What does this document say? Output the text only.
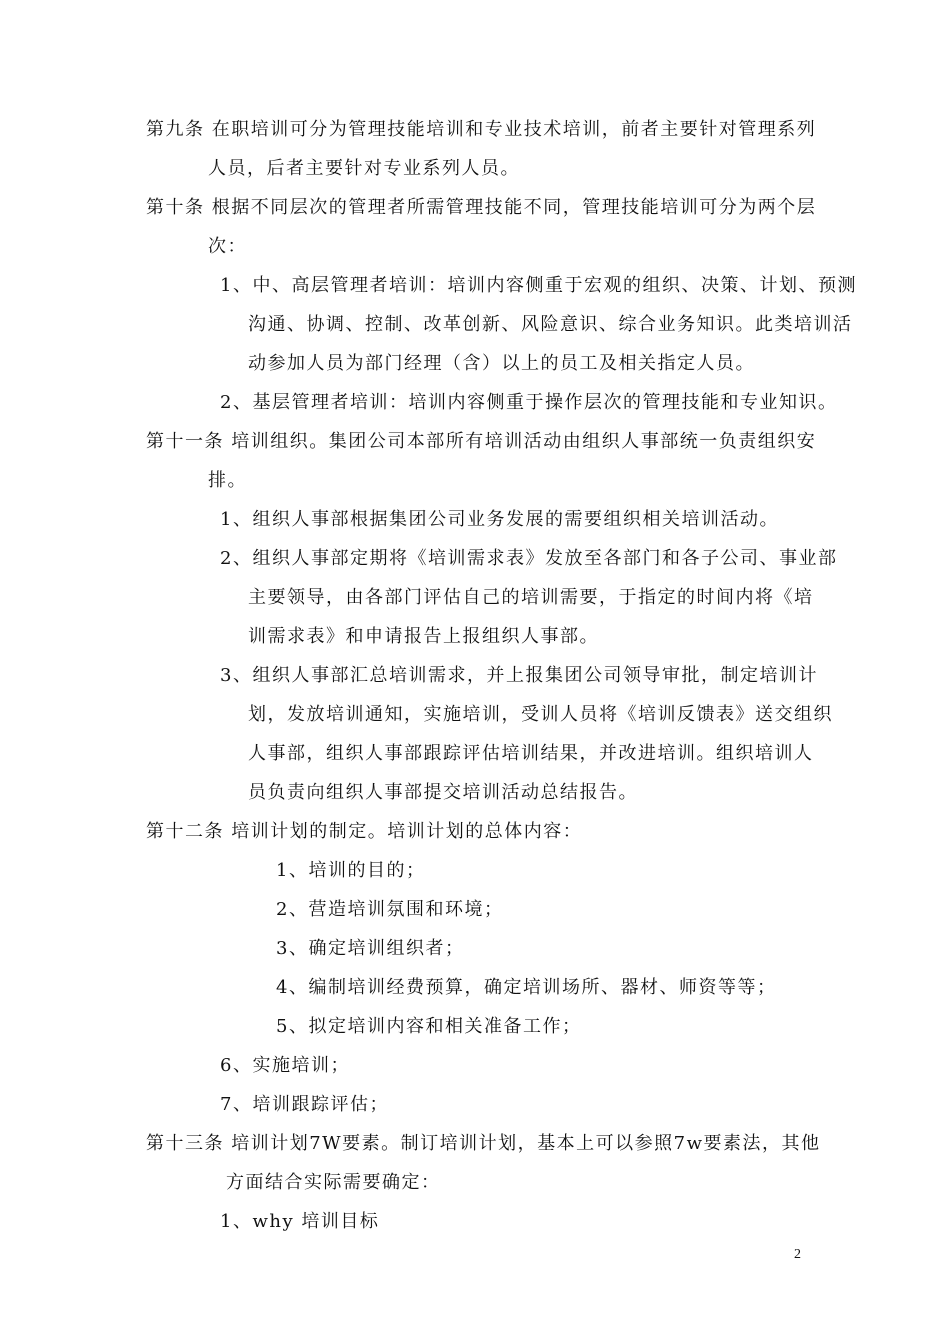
第九条 在职培训可分为管理技能培训和专业技术培训，前者主要针对管理系列
人员，后者主要针对专业系列人员。
第十条 根据不同层次的管理者所需管理技能不同，管理技能培训可分为两个层
次：
1、中、高层管理者培训：培训内容侧重于宏观的组织、决策、计划、预测
沟通、协调、控制、改革创新、风险意识、综合业务知识。此类培训活
动参加人员为部门经理（含）以上的员工及相关指定人员。
2、基层管理者培训：培训内容侧重于操作层次的管理技能和专业知识。
第十一条 培训组织。集团公司本部所有培训活动由组织人事部统一负责组织安
排。
1、组织人事部根据集团公司业务发展的需要组织相关培训活动。
2、组织人事部定期将《培训需求表》发放至各部门和各子公司、事业部
主要领导，由各部门评估自己的培训需要，于指定的时间内将《培
训需求表》和申请报告上报组织人事部。
3、组织人事部汇总培训需求，并上报集团公司领导审批，制定培训计
划，发放培训通知，实施培训，受训人员将《培训反馈表》送交组织
人事部，组织人事部跟踪评估培训结果，并改进培训。组织培训人
员负责向组织人事部提交培训活动总结报告。
第十二条 培训计划的制定。培训计划的总体内容：
1、培训的目的；
2、营造培训氛围和环境；
3、确定培训组织者；
4、编制培训经费预算，确定培训场所、器材、师资等等；
5、拟定培训内容和相关准备工作；
6、实施培训；
7、培训跟踪评估；
第十三条 培训计划7W要素。制订培训计划，基本上可以参照7w要素法，其他
方面结合实际需要确定：
1、why 培训目标
2
